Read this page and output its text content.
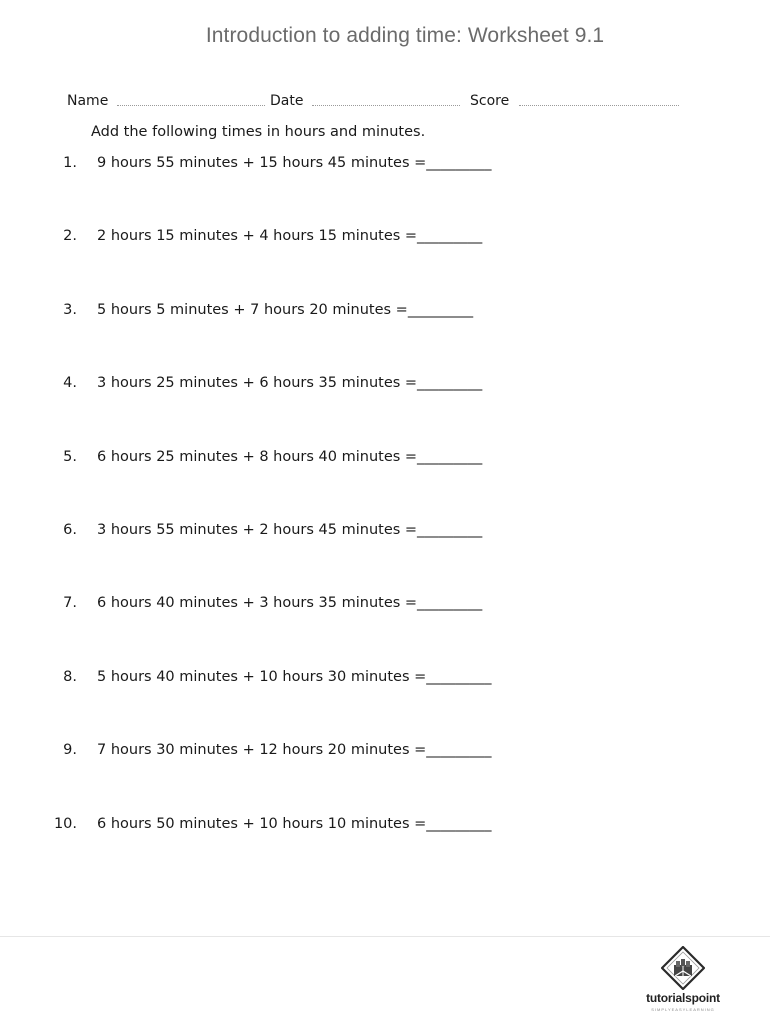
Introduction to adding time: Worksheet 9.1
Name	Date	Score
Add the following times in hours and minutes.
1. 9 hours 55 minutes + 15 hours 45 minutes =_________
2. 2 hours 15 minutes + 4 hours 15 minutes =_________
3. 5 hours 5 minutes + 7 hours 20 minutes =_________
4. 3 hours 25 minutes + 6 hours 35 minutes =_________
5. 6 hours 25 minutes + 8 hours 40 minutes =_________
6. 3 hours 55 minutes + 2 hours 45 minutes =_________
7. 6 hours 40 minutes + 3 hours 35 minutes =_________
8. 5 hours 40 minutes + 10 hours 30 minutes =_________
9. 7 hours 30 minutes + 12 hours 20 minutes =_________
10. 6 hours 50 minutes + 10 hours 10 minutes =_________
tutorialspoint
SIMPLYEASYLEARNING
